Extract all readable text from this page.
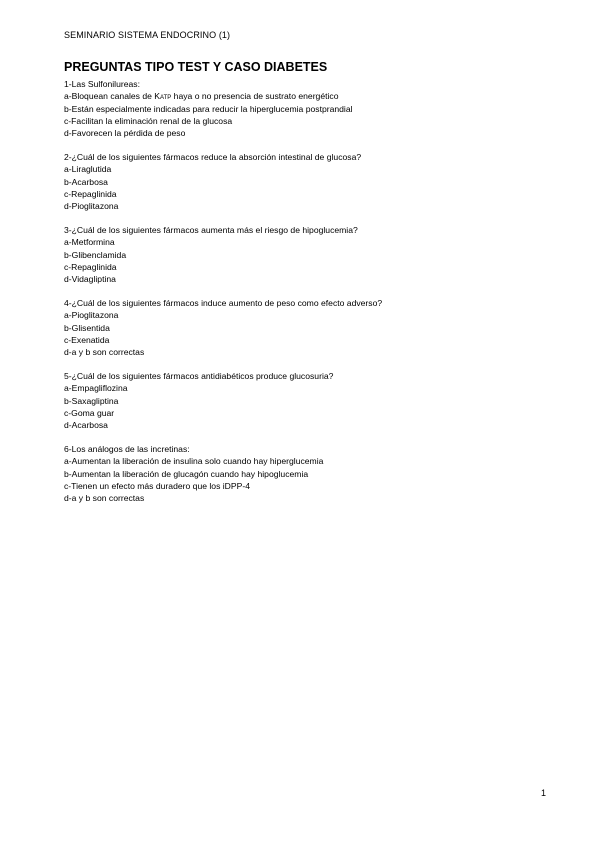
SEMINARIO SISTEMA ENDOCRINO (1)
PREGUNTAS TIPO TEST Y CASO DIABETES
1-Las Sulfonilureas:
a-Bloquean canales de KATP haya o no presencia de sustrato energético
b-Están especialmente indicadas para reducir la hiperglucemia postprandial
c-Facilitan la eliminación renal de la glucosa
d-Favorecen la pérdida de peso
2-¿Cuál de los siguientes fármacos reduce la absorción intestinal de glucosa?
a-Liraglutida
b-Acarbosa
c-Repaglinida
d-Pioglitazona
3-¿Cuál de los siguientes fármacos aumenta más el riesgo de hipoglucemia?
a-Metformina
b-Glibenclamida
c-Repaglinida
d-Vidagliptina
4-¿Cuál de los siguientes fármacos induce aumento de peso como efecto adverso?
a-Pioglitazona
b-Glisentida
c-Exenatida
d-a y b son correctas
5-¿Cuál de los siguientes fármacos antidiabéticos produce glucosuria?
a-Empagliflozina
b-Saxagliptina
c-Goma guar
d-Acarbosa
6-Los análogos de las incretinas:
a-Aumentan la liberación de insulina solo cuando hay hiperglucemia
b-Aumentan la liberación de glucagón cuando hay hipoglucemia
c-Tienen un efecto más duradero que los iDPP-4
d-a y b son correctas
1
